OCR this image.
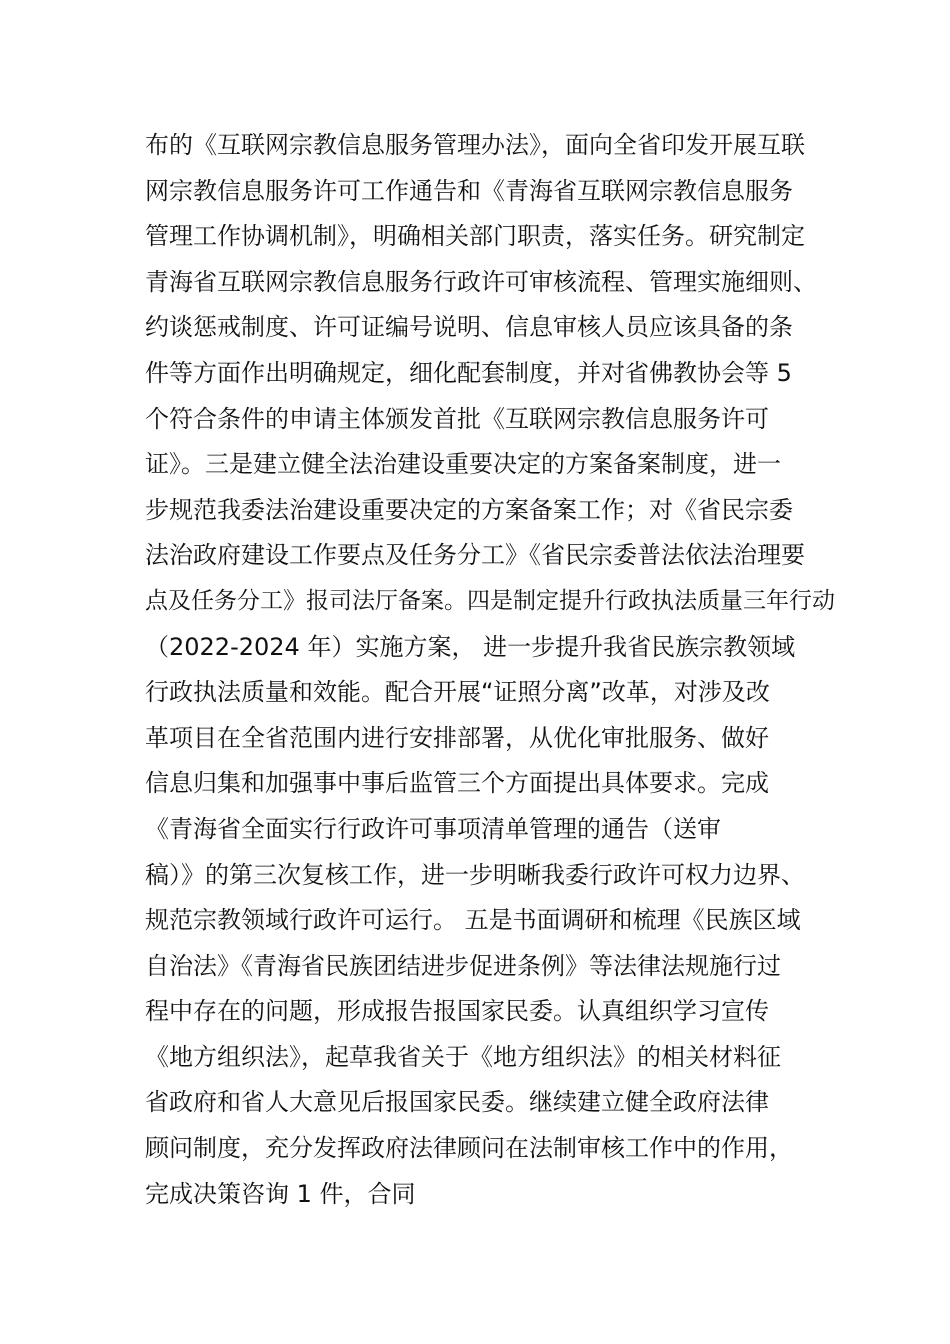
布的《互联网宗教信息服务管理办法》，面向全省印发开展互联
网宗教信息服务许可工作通告和《青海省互联网宗教信息服务
管理工作协调机制》，明确相关部门职责，落实任务。研究制定
青海省互联网宗教信息服务行政许可审核流程、管理实施细则、
约谈惩戒制度、许可证编号说明、信息审核人员应该具备的条
件等方面作出明确规定，细化配套制度，并对省佛教协会等 5
个符合条件的申请主体颁发首批《互联网宗教信息服务许可
证》。三是建立健全法治建设重要决定的方案备案制度，进一
步规范我委法治建设重要决定的方案备案工作；对《省民宗委
法治政府建设工作要点及任务分工》《省民宗委普法依法治理要
点及任务分工》报司法厅备案。四是制定提升行政执法质量三年行动
（2022-2024 年）实施方案， 进一步提升我省民族宗教领域
行政执法质量和效能。配合开展“证照分离”改革，对涉及改
革项目在全省范围内进行安排部署，从优化审批服务、做好
信息归集和加强事中事后监管三个方面提出具体要求。完成
《青海省全面实行行政许可事项清单管理的通告（送审
稿）》的第三次复核工作，进一步明晰我委行政许可权力边界、
规范宗教领域行政许可运行。 五是书面调研和梳理《民族区域
自治法》《青海省民族团结进步促进条例》等法律法规施行过
程中存在的问题，形成报告报国家民委。认真组织学习宣传
《地方组织法》，起草我省关于《地方组织法》的相关材料征
省政府和省人大意见后报国家民委。继续建立健全政府法律
顾问制度，充分发挥政府法律顾问在法制审核工作中的作用，
完成决策咨询 1 件，合同
